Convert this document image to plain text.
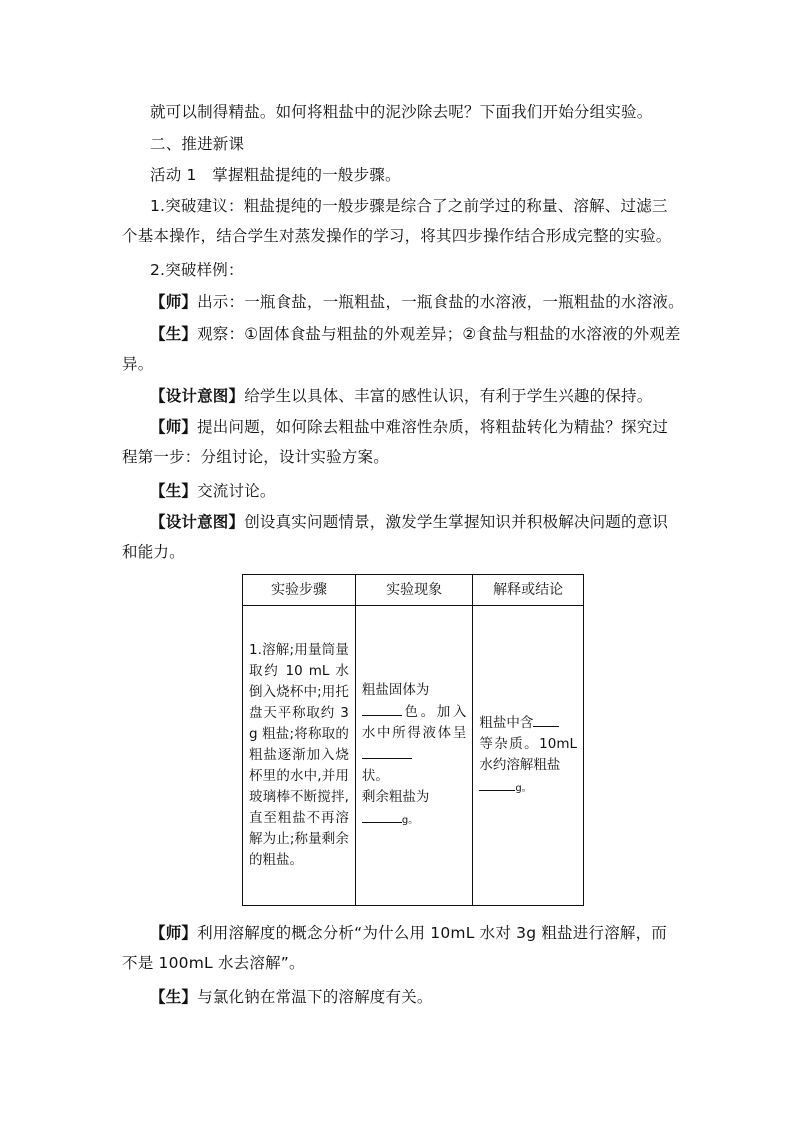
就可以制得精盐。如何将粗盐中的泥沙除去呢？下面我们开始分组实验。
二、推进新课
活动 1　掌握粗盐提纯的一般步骤。
1.突破建议：粗盐提纯的一般步骤是综合了之前学过的称量、溶解、过滤三个基本操作，结合学生对蒸发操作的学习，将其四步操作结合形成完整的实验。
2.突破样例：
【师】出示：一瓶食盐，一瓶粗盐，一瓶食盐的水溶液，一瓶粗盐的水溶液。
【生】观察：①固体食盐与粗盐的外观差异；②食盐与粗盐的水溶液的外观差异。
【设计意图】给学生以具体、丰富的感性认识，有利于学生兴趣的保持。
【师】提出问题，如何除去粗盐中难溶性杂质，将粗盐转化为精盐？探究过程第一步：分组讨论，设计实验方案。
【生】交流讨论。
【设计意图】创设真实问题情景，激发学生掌握知识并积极解决问题的意识和能力。
实验步骤	实验现象	解释或结论
1.溶解;用量筒量取约 10 mL 水倒入烧杯中;用托盘天平称取约 3 g 粗盐;将称取的粗盐逐渐加入烧杯里的水中,并用玻璃棒不断搅拌,直至粗盐不再溶解为止;称量剩余的粗盐。	粗盐固体为
色。加入水中所得液体呈
状。
剩余粗盐为
g。	粗盐中含
等杂质。10mL 水约溶解粗盐
g。
【师】利用溶解度的概念分析“为什么用 10mL 水对 3g 粗盐进行溶解，而不是 100mL 水去溶解”。
【生】与氯化钠在常温下的溶解度有关。
